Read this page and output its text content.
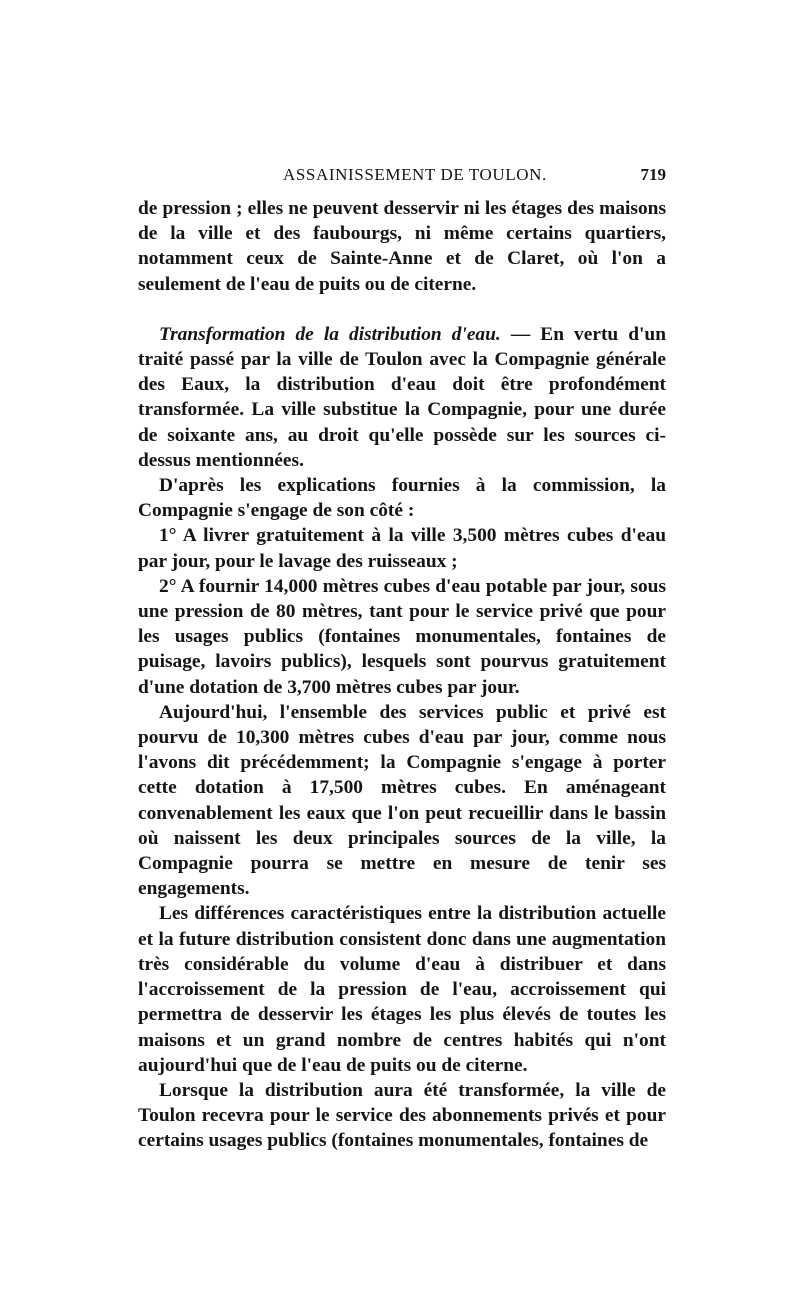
ASSAINISSEMENT DE TOULON.	719

de pression ; elles ne peuvent desservir ni les étages des maisons de la ville et des faubourgs, ni même certains quartiers, notamment ceux de Sainte-Anne et de Claret, où l'on a seulement de l'eau de puits ou de citerne.

Transformation de la distribution d'eau. — En vertu d'un traité passé par la ville de Toulon avec la Compagnie générale des Eaux, la distribution d'eau doit être profondément transformée. La ville substitue la Compagnie, pour une durée de soixante ans, au droit qu'elle possède sur les sources ci-dessus mentionnées.

D'après les explications fournies à la commission, la Compagnie s'engage de son côté :

1° A livrer gratuitement à la ville 3,500 mètres cubes d'eau par jour, pour le lavage des ruisseaux ;

2° A fournir 14,000 mètres cubes d'eau potable par jour, sous une pression de 80 mètres, tant pour le service privé que pour les usages publics (fontaines monumentales, fontaines de puisage, lavoirs publics), lesquels sont pourvus gratuitement d'une dotation de 3,700 mètres cubes par jour.

Aujourd'hui, l'ensemble des services public et privé est pourvu de 10,300 mètres cubes d'eau par jour, comme nous l'avons dit précédemment; la Compagnie s'engage à porter cette dotation à 17,500 mètres cubes. En aménageant convenablement les eaux que l'on peut recueillir dans le bassin où naissent les deux principales sources de la ville, la Compagnie pourra se mettre en mesure de tenir ses engagements.

Les différences caractéristiques entre la distribution actuelle et la future distribution consistent donc dans une augmentation très considérable du volume d'eau à distribuer et dans l'accroissement de la pression de l'eau, accroissement qui permettra de desservir les étages les plus élevés de toutes les maisons et un grand nombre de centres habités qui n'ont aujourd'hui que de l'eau de puits ou de citerne.

Lorsque la distribution aura été transformée, la ville de Toulon recevra pour le service des abonnements privés et pour certains usages publics (fontaines monumentales, fontaines de
